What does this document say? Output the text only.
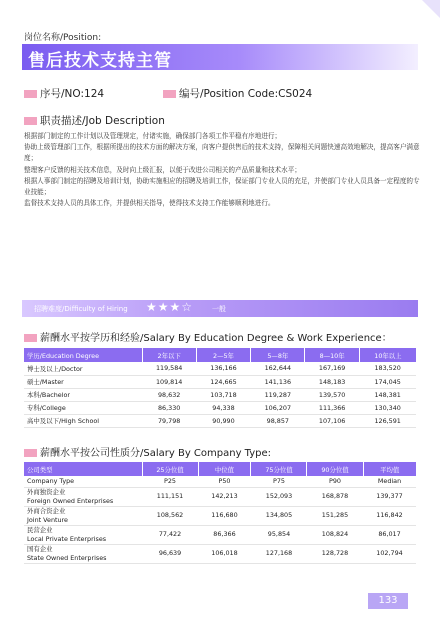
岗位名称/Position:
售后技术支持主管
序号/NO:124	编号/Position Code:CS024
职责描述/Job Description

根据部门制定的工作计划以及管理规定，付诸实施，确保部门各项工作平稳有序地进行；

协助上级管理部门工作，根据所提出的技术方面的解决方案，向客户提供售后的技术支持，保障相关问题快速高效地解决，提高客户满意度；

整理客户反馈的相关技术信息，及时向上级汇报，以便于改进公司相关的产品质量和技术水平；

根据人事部门制定的招聘及培训计划，协助实施相应的招聘及培训工作，保证部门专业人员的充足，并使部门专业人员具备一定程度的专业技能；

监督技术支持人员的具体工作，并提供相关指导，使得技术支持工作能够顺利地进行。

招聘难度/Difficulty of Hiring ★★★☆	一般
薪酬水平按学历和经验/Salary By Education Degree & Work Experience：
学历/Education Degree	2年以下	2—5年	5—8年	8—10年	10年以上
博士及以上/Doctor	119,584	136,166	162,644	167,169	183,520
硕士/Master	109,814	124,665	141,136	148,183	174,045
本科/Bachelor	98,632	103,718	119,287	139,570	148,381
专科/College	86,330	94,338	106,207	111,366	130,340
高中及以下/High School	79,798	90,990	98,857	107,106	126,591
薪酬水平按公司性质分/Salary By Company Type:
公司类型	25分位值	中位值	75分位值	90分位值	平均值
Company Type	P25	P50	P75	P90	Median
外商独资企业
Foreign Owned Enterprises	111,151	142,213	152,093	168,878	139,377
外商合资企业
Joint Venture	108,562	116,680	134,805	151,285	116,842
民营企业
Local Private Enterprises	77,422	86,366	95,854	108,824	86,017
国有企业
State Owned Enterprises	96,639	106,018	127,168	128,728	102,794
133
